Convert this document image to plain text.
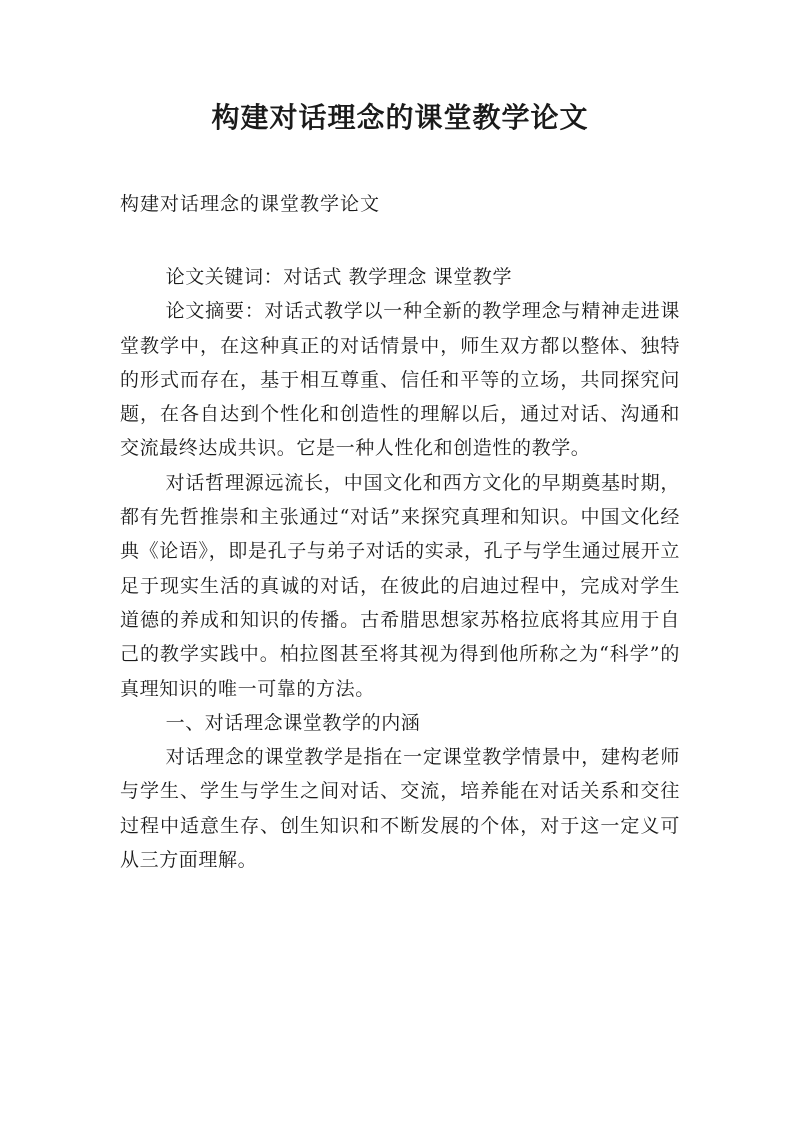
构建对话理念的课堂教学论文
构建对话理念的课堂教学论文

论文关键词：对话式 教学理念 课堂教学

论文摘要：对话式教学以一种全新的教学理念与精神走进课堂教学中，在这种真正的对话情景中，师生双方都以整体、独特的形式而存在，基于相互尊重、信任和平等的立场，共同探究问题，在各自达到个性化和创造性的理解以后，通过对话、沟通和交流最终达成共识。它是一种人性化和创造性的教学。

对话哲理源远流长，中国文化和西方文化的早期奠基时期，都有先哲推崇和主张通过“对话”来探究真理和知识。中国文化经典《论语》，即是孔子与弟子对话的实录，孔子与学生通过展开立足于现实生活的真诚的对话，在彼此的启迪过程中，完成对学生道德的养成和知识的传播。古希腊思想家苏格拉底将其应用于自己的教学实践中。柏拉图甚至将其视为得到他所称之为“科学”的真理知识的唯一可靠的方法。

一、对话理念课堂教学的内涵

对话理念的课堂教学是指在一定课堂教学情景中，建构老师与学生、学生与学生之间对话、交流，培养能在对话关系和交往过程中适意生存、创生知识和不断发展的个体，对于这一定义可从三方面理解。
